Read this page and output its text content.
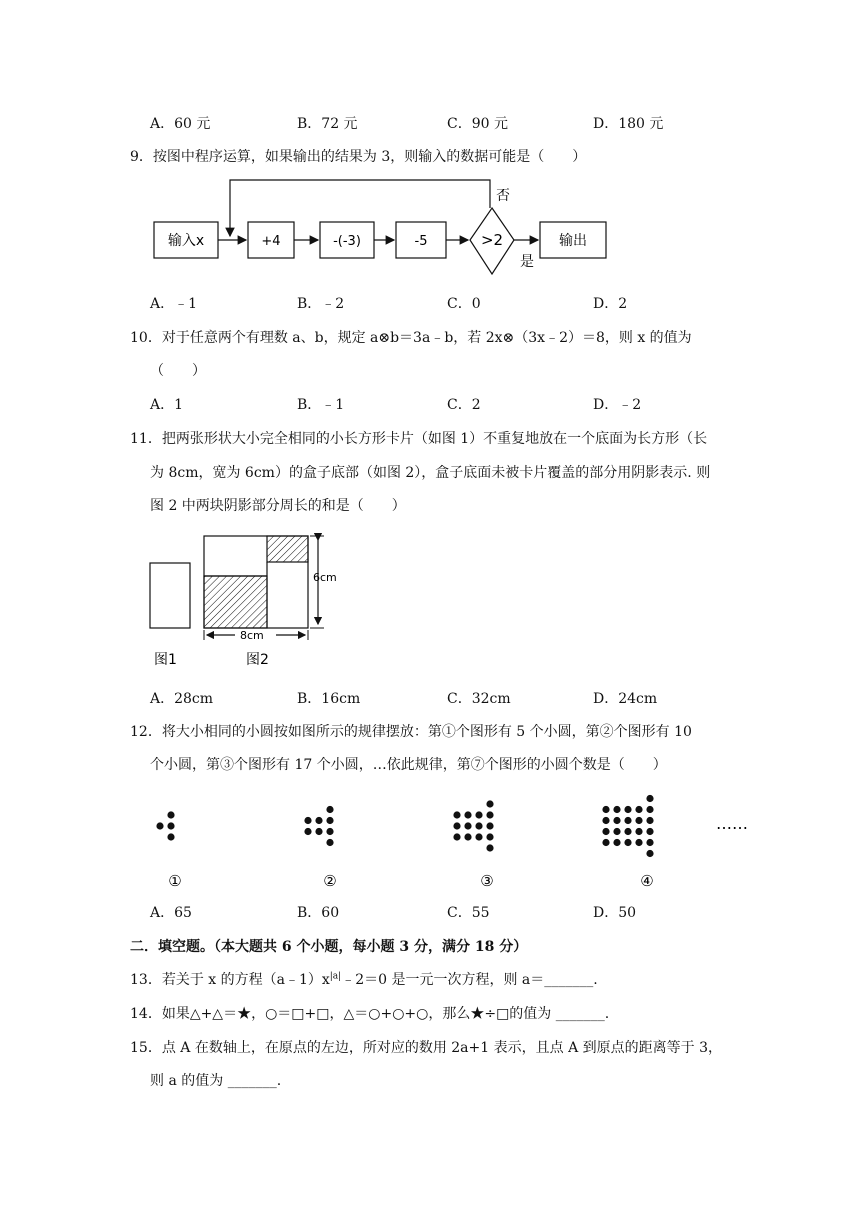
A．60 元	B．72 元	C．90 元	D．180 元
9．按图中程序运算，如果输出的结果为 3，则输入的数据可能是（　　）
输入x	+4	-(-3)	-5	>2	输出
否
是
A．﹣1	B．﹣2	C．0	D．2
10．对于任意两个有理数 a、b，规定 a⊗b＝3a﹣b，若 2x⊗（3x﹣2）＝8，则 x 的值为
（　　）
A．1	B．﹣1	C．2	D．﹣2
11．把两张形状大小完全相同的小长方形卡片（如图 1）不重复地放在一个底面为长方形（长
为 8cm，宽为 6cm）的盒子底部（如图 2），盒子底面未被卡片覆盖的部分用阴影表示. 则
图 2 中两块阴影部分周长的和是（　　）
6cm
8cm
图1	图2
A．28cm	B．16cm	C．32cm	D．24cm
12．将大小相同的小圆按如图所示的规律摆放：第①个图形有 5 个小圆，第②个图形有 10
个小圆，第③个图形有 17 个小圆，…依此规律，第⑦个图形的小圆个数是（　　）
……
①	②	③	④
A．65	B．60	C．55	D．50
二．填空题。（本大题共 6 个小题，每小题 3 分，满分 18 分）
13．若关于 x 的方程$(a﹣1)x^{|a|}﹣2=0$ 是一元一次方程，则 a＝_______.
14．如果△+△＝★，○＝□+□，△＝○+○+○，那么★÷□的值为 _______.
15．点 A 在数轴上，在原点的左边，所对应的数用 2a+1 表示，且点 A 到原点的距离等于 3，
则 a 的值为 _______.
